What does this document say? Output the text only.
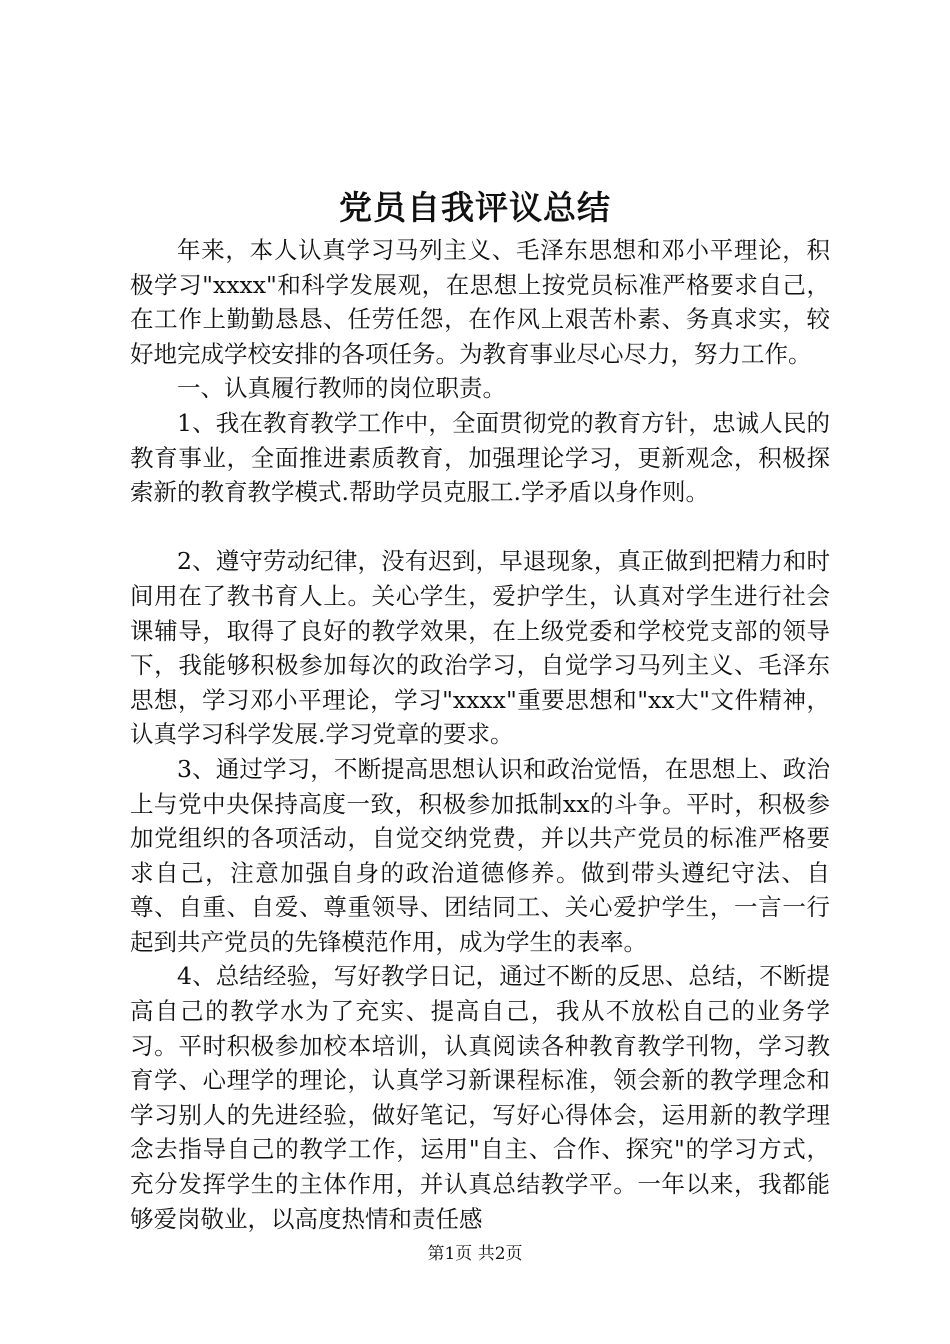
党员自我评议总结

年来，本人认真学习马列主义、毛泽东思想和邓小平理论，积极学习"xxxx"和科学发展观，在思想上按党员标准严格要求自己，在工作上勤勤恳恳、任劳任怨，在作风上艰苦朴素、务真求实，较好地完成学校安排的各项任务。为教育事业尽心尽力，努力工作。

一、认真履行教师的岗位职责。

1、我在教育教学工作中，全面贯彻党的教育方针，忠诚人民的教育事业，全面推进素质教育，加强理论学习，更新观念，积极探索新的教育教学模式.帮助学员克服工.学矛盾以身作则。

2、遵守劳动纪律，没有迟到，早退现象，真正做到把精力和时间用在了教书育人上。关心学生，爱护学生，认真对学生进行社会课辅导，取得了良好的教学效果，在上级党委和学校党支部的领导下，我能够积极参加每次的政治学习，自觉学习马列主义、毛泽东思想，学习邓小平理论，学习"xxxx"重要思想和"xx大"文件精神，认真学习科学发展.学习党章的要求。

3、通过学习，不断提高思想认识和政治觉悟，在思想上、政治上与党中央保持高度一致，积极参加抵制xx的斗争。平时，积极参加党组织的各项活动，自觉交纳党费，并以共产党员的标准严格要求自己，注意加强自身的政治道德修养。做到带头遵纪守法、自尊、自重、自爱、尊重领导、团结同工、关心爱护学生，一言一行起到共产党员的先锋模范作用，成为学生的表率。

4、总结经验，写好教学日记，通过不断的反思、总结，不断提高自己的教学水为了充实、提高自己，我从不放松自己的业务学习。平时积极参加校本培训，认真阅读各种教育教学刊物，学习教育学、心理学的理论，认真学习新课程标准，领会新的教学理念和学习别人的先进经验，做好笔记，写好心得体会，运用新的教学理念去指导自己的教学工作，运用"自主、合作、探究"的学习方式，充分发挥学生的主体作用，并认真总结教学平。一年以来，我都能够爱岗敬业，以高度热情和责任感

第1页 共2页
